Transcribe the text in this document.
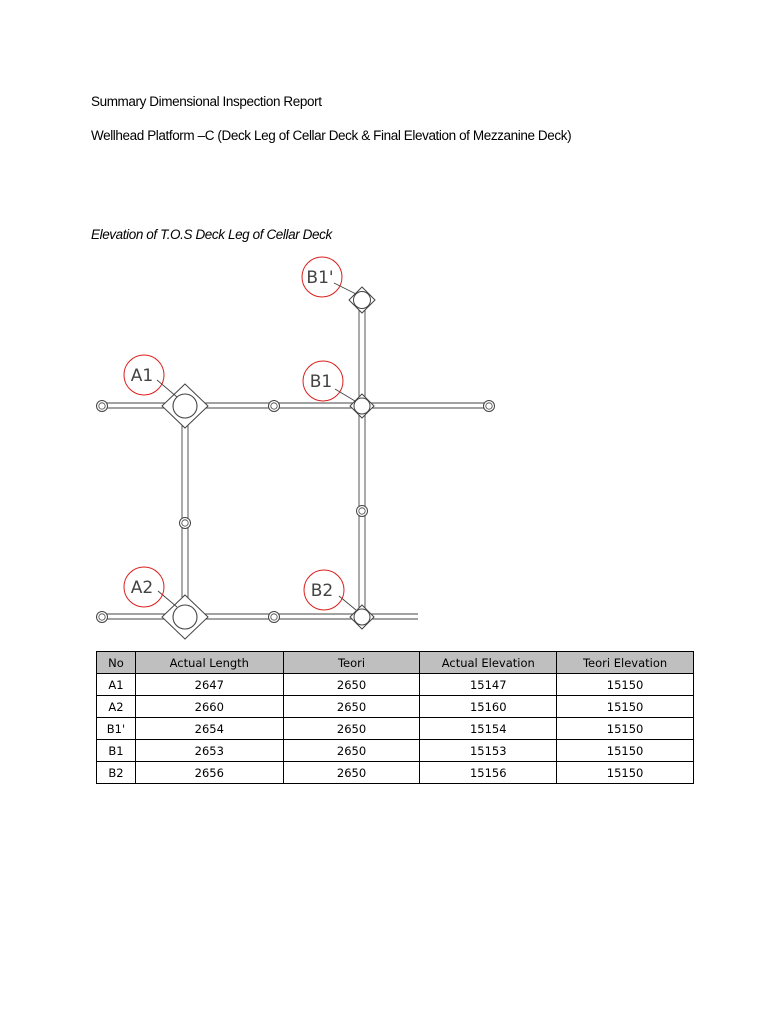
Summary Dimensional Inspection Report
Wellhead Platform –C (Deck Leg of Cellar Deck & Final Elevation of Mezzanine Deck)
Elevation of T.O.S Deck Leg of Cellar Deck
B1'
A1	B1
A2	B2
No	Actual Length	Teori	Actual Elevation	Teori Elevation
A1	2647	2650	15147	15150
A2	2660	2650	15160	15150
B1'	2654	2650	15154	15150
B1	2653	2650	15153	15150
B2	2656	2650	15156	15150
